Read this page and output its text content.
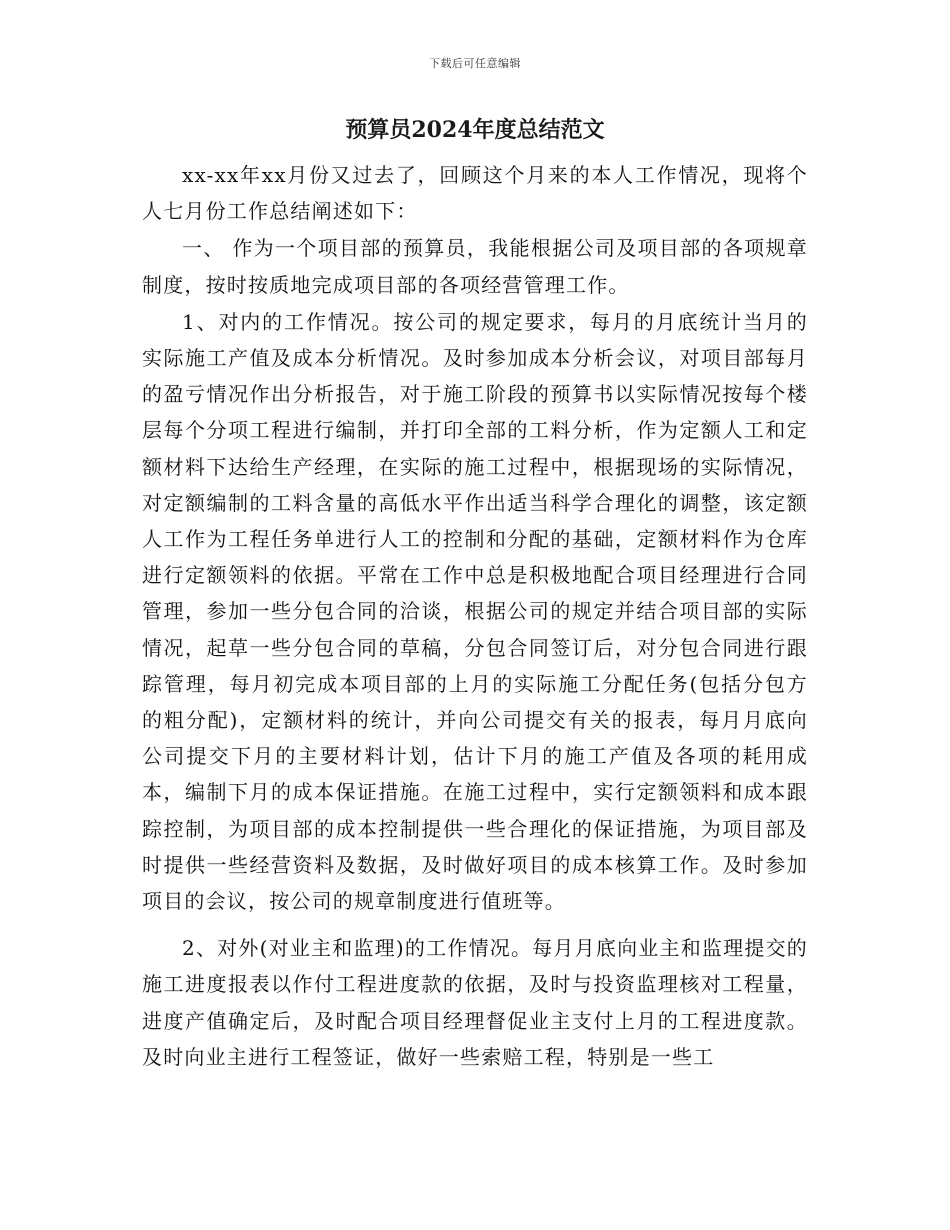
下载后可任意编辑
预算员2024年度总结范文

xx-xx年xx月份又过去了，回顾这个月来的本人工作情况，现将个人七月份工作总结阐述如下：

一、 作为一个项目部的预算员，我能根据公司及项目部的各项规章制度，按时按质地完成项目部的各项经营管理工作。

1、对内的工作情况。按公司的规定要求，每月的月底统计当月的实际施工产值及成本分析情况。及时参加成本分析会议，对项目部每月的盈亏情况作出分析报告，对于施工阶段的预算书以实际情况按每个楼层每个分项工程进行编制，并打印全部的工料分析，作为定额人工和定额材料下达给生产经理，在实际的施工过程中，根据现场的实际情况，对定额编制的工料含量的高低水平作出适当科学合理化的调整，该定额人工作为工程任务单进行人工的控制和分配的基础，定额材料作为仓库进行定额领料的依据。平常在工作中总是积极地配合项目经理进行合同管理，参加一些分包合同的洽谈，根据公司的规定并结合项目部的实际情况，起草一些分包合同的草稿，分包合同签订后，对分包合同进行跟踪管理，每月初完成本项目部的上月的实际施工分配任务(包括分包方的粗分配)，定额材料的统计，并向公司提交有关的报表，每月月底向公司提交下月的主要材料计划，估计下月的施工产值及各项的耗用成本，编制下月的成本保证措施。在施工过程中，实行定额领料和成本跟踪控制，为项目部的成本控制提供一些合理化的保证措施，为项目部及时提供一些经营资料及数据，及时做好项目的成本核算工作。及时参加项目的会议，按公司的规章制度进行值班等。

2、对外(对业主和监理)的工作情况。每月月底向业主和监理提交的施工进度报表以作付工程进度款的依据，及时与投资监理核对工程量，进度产值确定后，及时配合项目经理督促业主支付上月的工程进度款。及时向业主进行工程签证，做好一些索赔工程，特别是一些工
